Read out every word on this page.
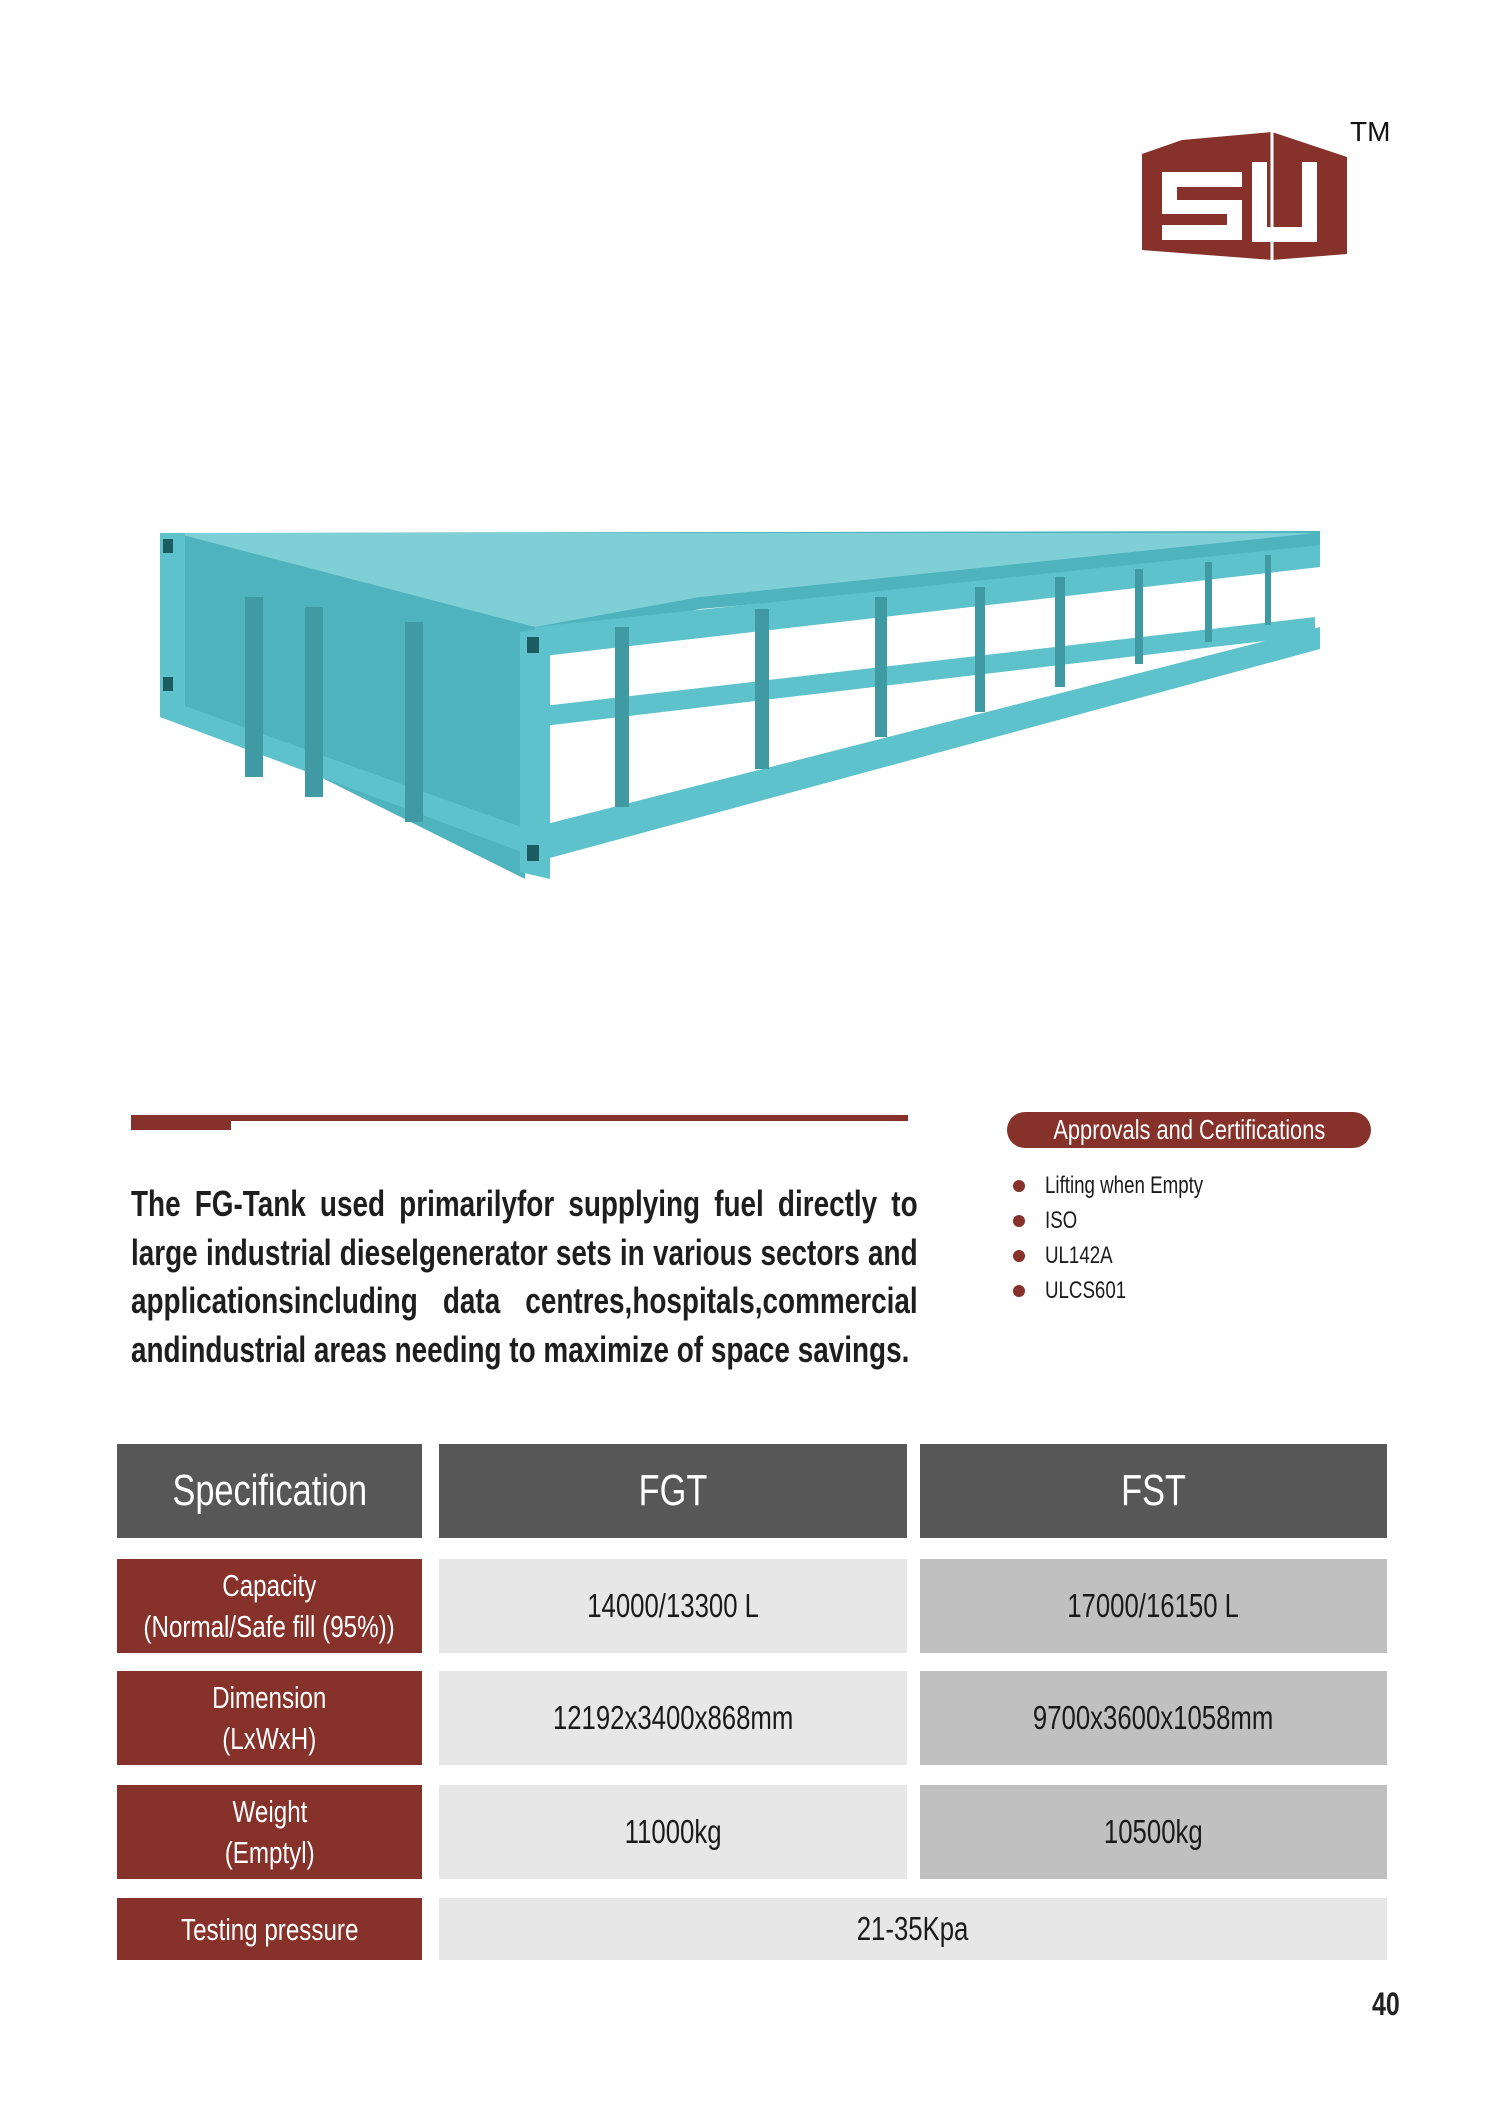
TM
The FG-Tank used primarilyfor supplying fuel directly to large industrial dieselgenerator sets in various sectors and applicationsincluding data centres,hospitals,commercial andindustrial areas needing to maximize of space savings.
Approvals and Certifications
Lifting when Empty
ISO
UL142A
ULCS601
Specification	FGT	FST
Capacity
(Normal/Safe fill (95%))
14000/13300 L	17000/16150 L
Dimension
(LxWxH)
12192x3400x868mm	9700x3600x1058mm
Weight
(Emptyl)
11000kg	10500kg
Testing pressure	21-35Kpa
40
